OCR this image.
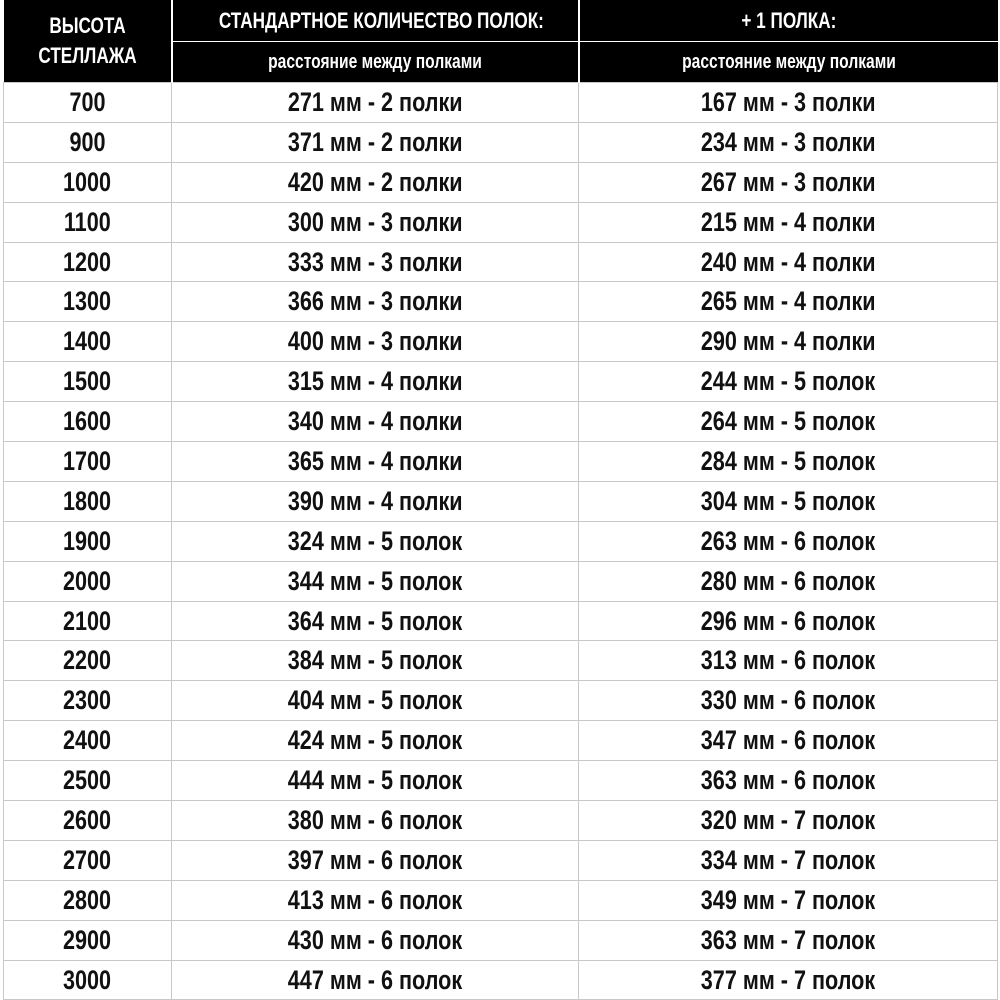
ВЫСОТА
СТЕЛЛАЖА	СТАНДАРТНОЕ КОЛИЧЕСТВО ПОЛОК:	+ 1 ПОЛКА:
	расстояние между полками	расстояние между полками
700	271 мм - 2 полки	167 мм - 3 полки
900	371 мм - 2 полки	234 мм - 3 полки
1000	420 мм - 2 полки	267 мм - 3 полки
1100	300 мм - 3 полки	215 мм - 4 полки
1200	333 мм - 3 полки	240 мм - 4 полки
1300	366 мм - 3 полки	265 мм - 4 полки
1400	400 мм - 3 полки	290 мм - 4 полки
1500	315 мм - 4 полки	244 мм - 5 полок
1600	340 мм - 4 полки	264 мм - 5 полок
1700	365 мм - 4 полки	284 мм - 5 полок
1800	390 мм - 4 полки	304 мм - 5 полок
1900	324 мм - 5 полок	263 мм - 6 полок
2000	344 мм - 5 полок	280 мм - 6 полок
2100	364 мм - 5 полок	296 мм - 6 полок
2200	384 мм - 5 полок	313 мм - 6 полок
2300	404 мм - 5 полок	330 мм - 6 полок
2400	424 мм - 5 полок	347 мм - 6 полок
2500	444 мм - 5 полок	363 мм - 6 полок
2600	380 мм - 6 полок	320 мм - 7 полок
2700	397 мм - 6 полок	334 мм - 7 полок
2800	413 мм - 6 полок	349 мм - 7 полок
2900	430 мм - 6 полок	363 мм - 7 полок
3000	447 мм - 6 полок	377 мм - 7 полок
